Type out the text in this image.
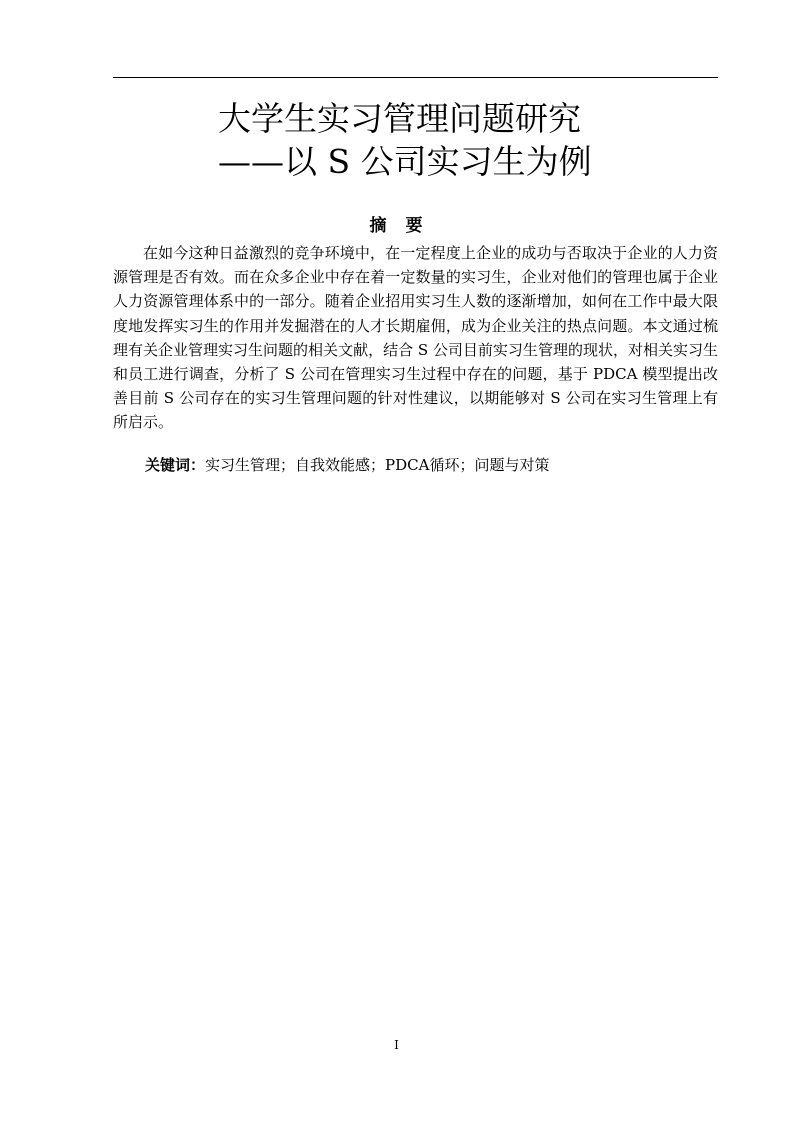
大学生实习管理问题研究
——以 S 公司实习生为例
摘 要

在如今这种日益激烈的竞争环境中，在一定程度上企业的成功与否取决于企业的人力资源管理是否有效。而在众多企业中存在着一定数量的实习生，企业对他们的管理也属于企业人力资源管理体系中的一部分。随着企业招用实习生人数的逐渐增加，如何在工作中最大限度地发挥实习生的作用并发掘潜在的人才长期雇佣，成为企业关注的热点问题。本文通过梳理有关企业管理实习生问题的相关文献，结合 S 公司目前实习生管理的现状，对相关实习生和员工进行调查，分析了 S 公司在管理实习生过程中存在的问题，基于 PDCA 模型提出改善目前 S 公司存在的实习生管理问题的针对性建议，以期能够对 S 公司在实习生管理上有所启示。

关键词：实习生管理；自我效能感；PDCA循环；问题与对策
I
